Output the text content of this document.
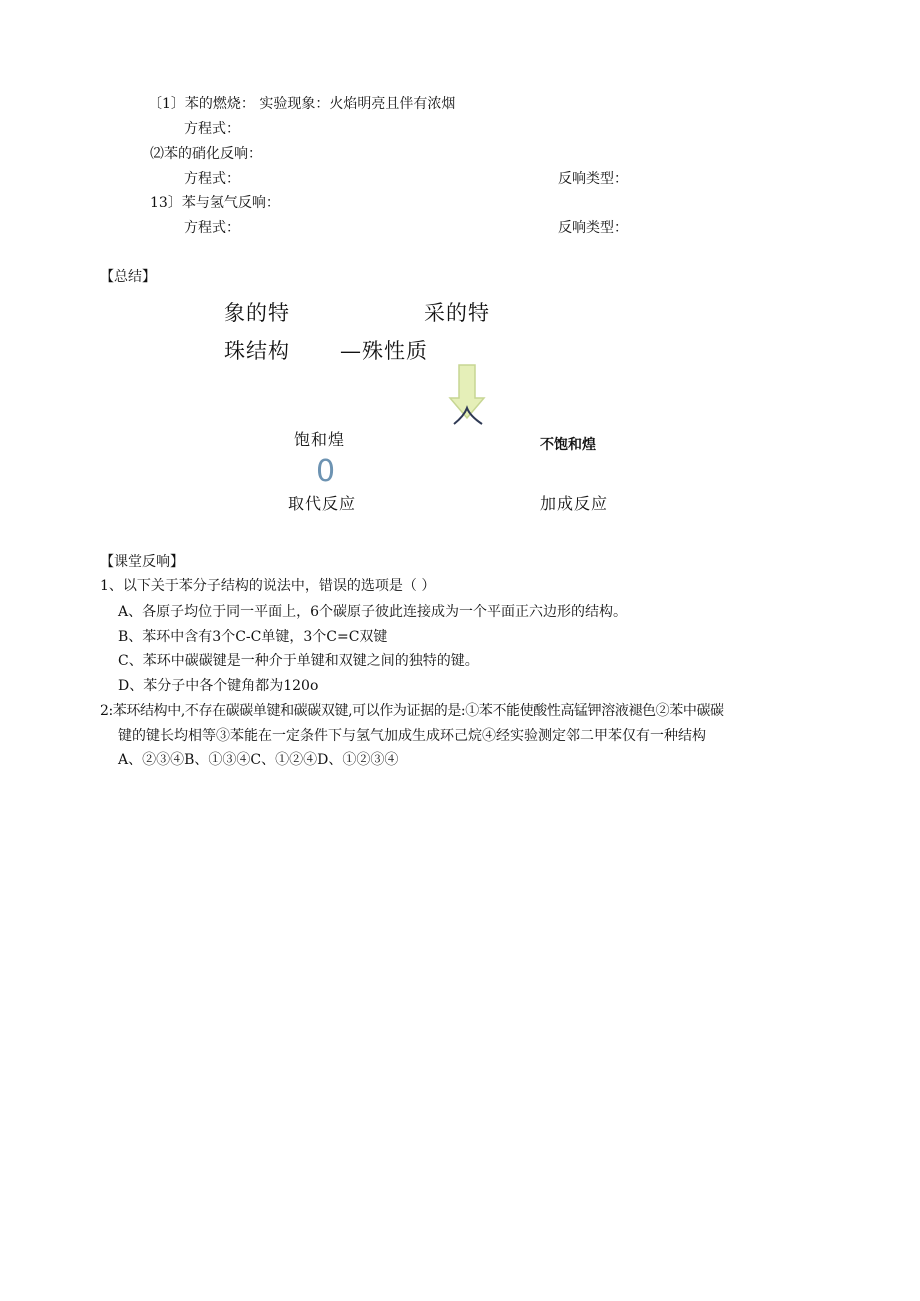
〔1〕苯的燃烧： 实验现象：火焰明亮且伴有浓烟
方程式：
⑵苯的硝化反响：
方程式：	反响类型：
13〕苯与氢气反响：
方程式：	反响类型：
【总结】
象的特
珠结构
采的特
—殊性质
饱和煌
0
不饱和煌
取代反应	加成反应
【课堂反响】
1、以下关于苯分子结构的说法中，错误的选项是（ ）
A、各原子均位于同一平面上，6个碳原子彼此连接成为一个平面正六边形的结构。
B、苯环中含有3个C-C单键，3个C=C双键
C、苯环中碳碳键是一种介于单键和双键之间的独特的键。
D、苯分子中各个键角都为120o
2:苯环结构中,不存在碳碳单键和碳碳双键,可以作为证据的是:①苯不能使酸性高锰钾溶液褪色②苯中碳碳
键的键长均相等③苯能在一定条件下与氢气加成生成环己烷④经实验测定邻二甲苯仅有一种结构
A、②③④B、①③④C、①②④D、①②③④
